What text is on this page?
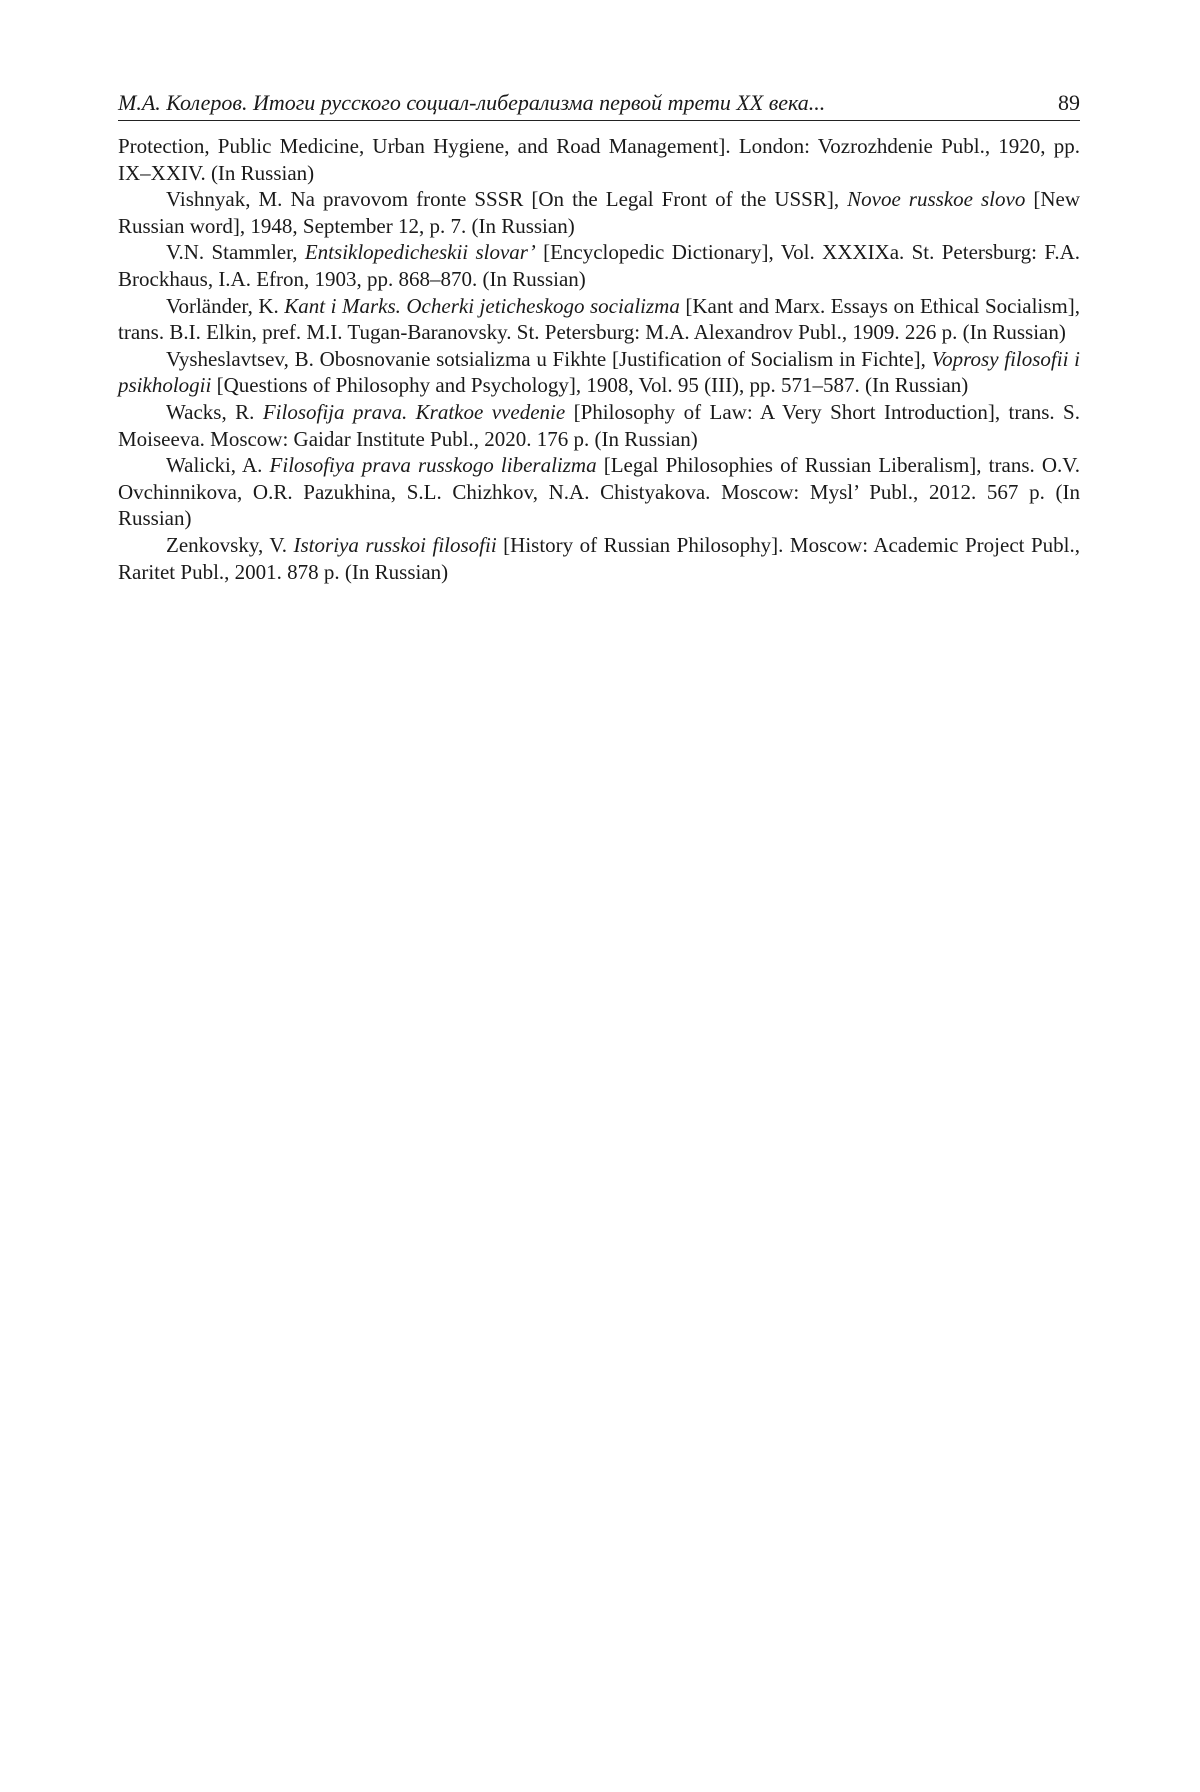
М.А. Колеров. Итоги русского социал-либерализма первой трети XX века...	89

Protection, Public Medicine, Urban Hygiene, and Road Management]. London: Vozrozhdenie Publ., 1920, pp. IX–XXIV. (In Russian)

Vishnyak, M. Na pravovom fronte SSSR [On the Legal Front of the USSR], Novoe russkoe slovo [New Russian word], 1948, September 12, p. 7. (In Russian)

V.N. Stammler, Entsiklopedicheskii slovar’ [Encyclopedic Dictionary], Vol. XXXIXa. St. Petersburg: F.A. Brockhaus, I.A. Efron, 1903, pp. 868–870. (In Russian)

Vorländer, K. Kant i Marks. Ocherki jeticheskogo socializma [Kant and Marx. Essays on Ethical Socialism], trans. B.I. Elkin, pref. M.I. Tugan-Baranovsky. St. Petersburg: M.A. Alexandrov Publ., 1909. 226 p. (In Russian)

Vysheslavtsev, B. Obosnovanie sotsializma u Fikhte [Justification of Socialism in Fichte], Voprosy filosofii i psikhologii [Questions of Philosophy and Psychology], 1908, Vol. 95 (III), pp. 571–587. (In Russian)

Wacks, R. Filosofija prava. Kratkoe vvedenie [Philosophy of Law: A Very Short Introduction], trans. S. Moiseeva. Moscow: Gaidar Institute Publ., 2020. 176 p. (In Russian)

Walicki, A. Filosofiya prava russkogo liberalizma [Legal Philosophies of Russian Liberalism], trans. O.V. Ovchinnikova, O.R. Pazukhina, S.L. Chizhkov, N.A. Chistyakova. Moscow: Mysl’ Publ., 2012. 567 p. (In Russian)

Zenkovsky, V. Istoriya russkoi filosofii [History of Russian Philosophy]. Moscow: Academic Project Publ., Raritet Publ., 2001. 878 p. (In Russian)
